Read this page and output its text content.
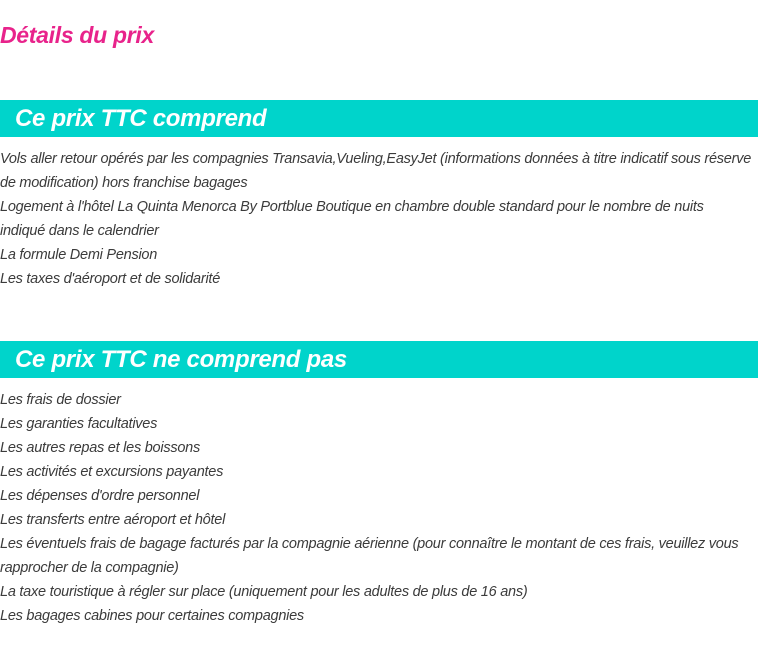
Détails du prix
Ce prix TTC comprend
Vols aller retour opérés par les compagnies Transavia,Vueling,EasyJet (informations données à titre indicatif sous réserve de modification) hors franchise bagages
Logement à l'hôtel La Quinta Menorca By Portblue Boutique en chambre double standard pour le nombre de nuits indiqué dans le calendrier
La formule Demi Pension
Les taxes d'aéroport et de solidarité
Ce prix TTC ne comprend pas
Les frais de dossier
Les garanties facultatives
Les autres repas et les boissons
Les activités et excursions payantes
Les dépenses d'ordre personnel
Les transferts entre aéroport et hôtel
Les éventuels frais de bagage facturés par la compagnie aérienne (pour connaître le montant de ces frais, veuillez vous rapprocher de la compagnie)
La taxe touristique à régler sur place (uniquement pour les adultes de plus de 16 ans)
Les bagages cabines pour certaines compagnies
